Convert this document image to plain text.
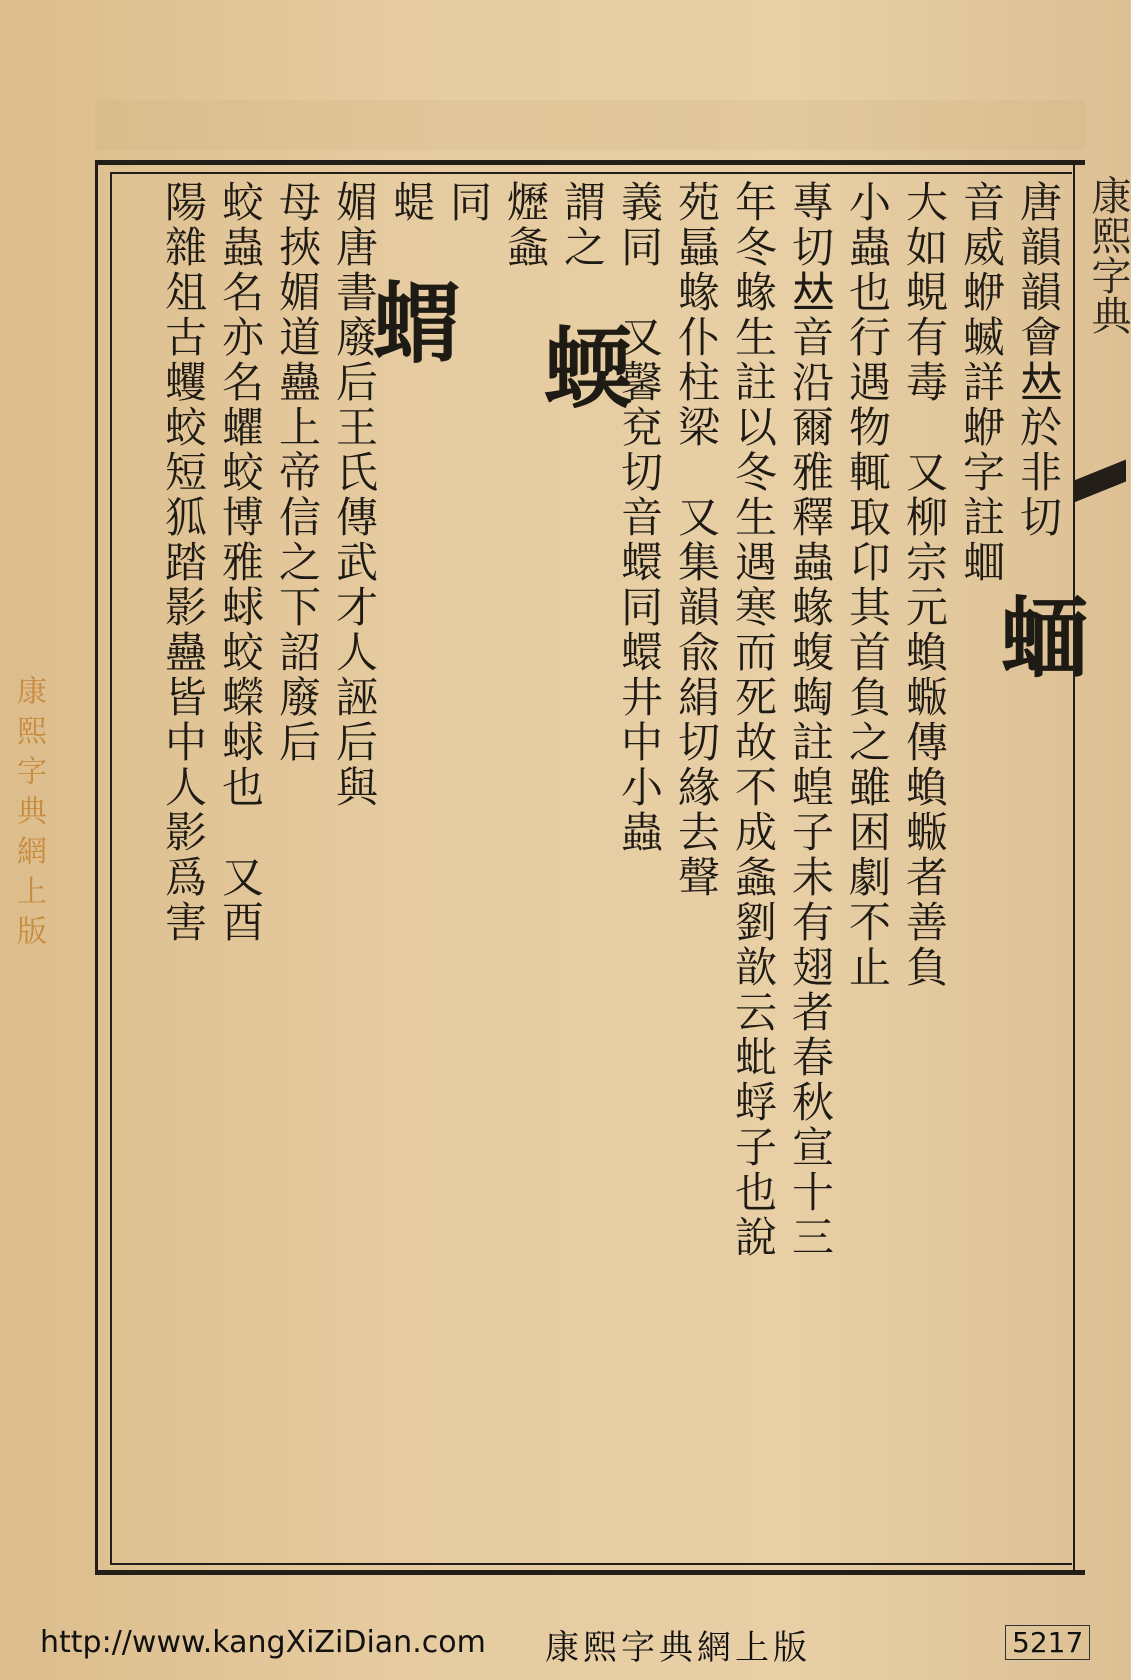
唐韻韻會𠀤於非切 蝒
音威蛜蝛詳蛜字註蜖
大如蜆有毒　又柳宗元蝜蝂傳蝜蝂者善負
小蟲也行遇物輒取卬其首負之雖困劇不止
專切𠀤音沿爾雅釋蟲蝝蝮蜪註蝗子未有翅者春秋宣十三
年冬蝝生註以冬生遇寒而死故不成螽劉歆云蚍蜉子也說
苑螶蝝仆柱梁　又集韻兪絹切緣去聲
義同　又馨兗切音蠉同蠉井中小蟲
謂之 蝡
爏螽
同
蝭 蝟
媚唐書廢后王氏傳武才人誣后與
母挾媚道蠱上帝信之下詔廢后
蛟蟲名亦名蠷蛟博雅蛷蛟蠑蛷也　又酉
陽雜俎古蠼蛟短狐踏影蠱皆中人影爲害	康熙字典
康熙字典網上版
http://www.kangXiZiDian.com 康熙字典網上版	5217
